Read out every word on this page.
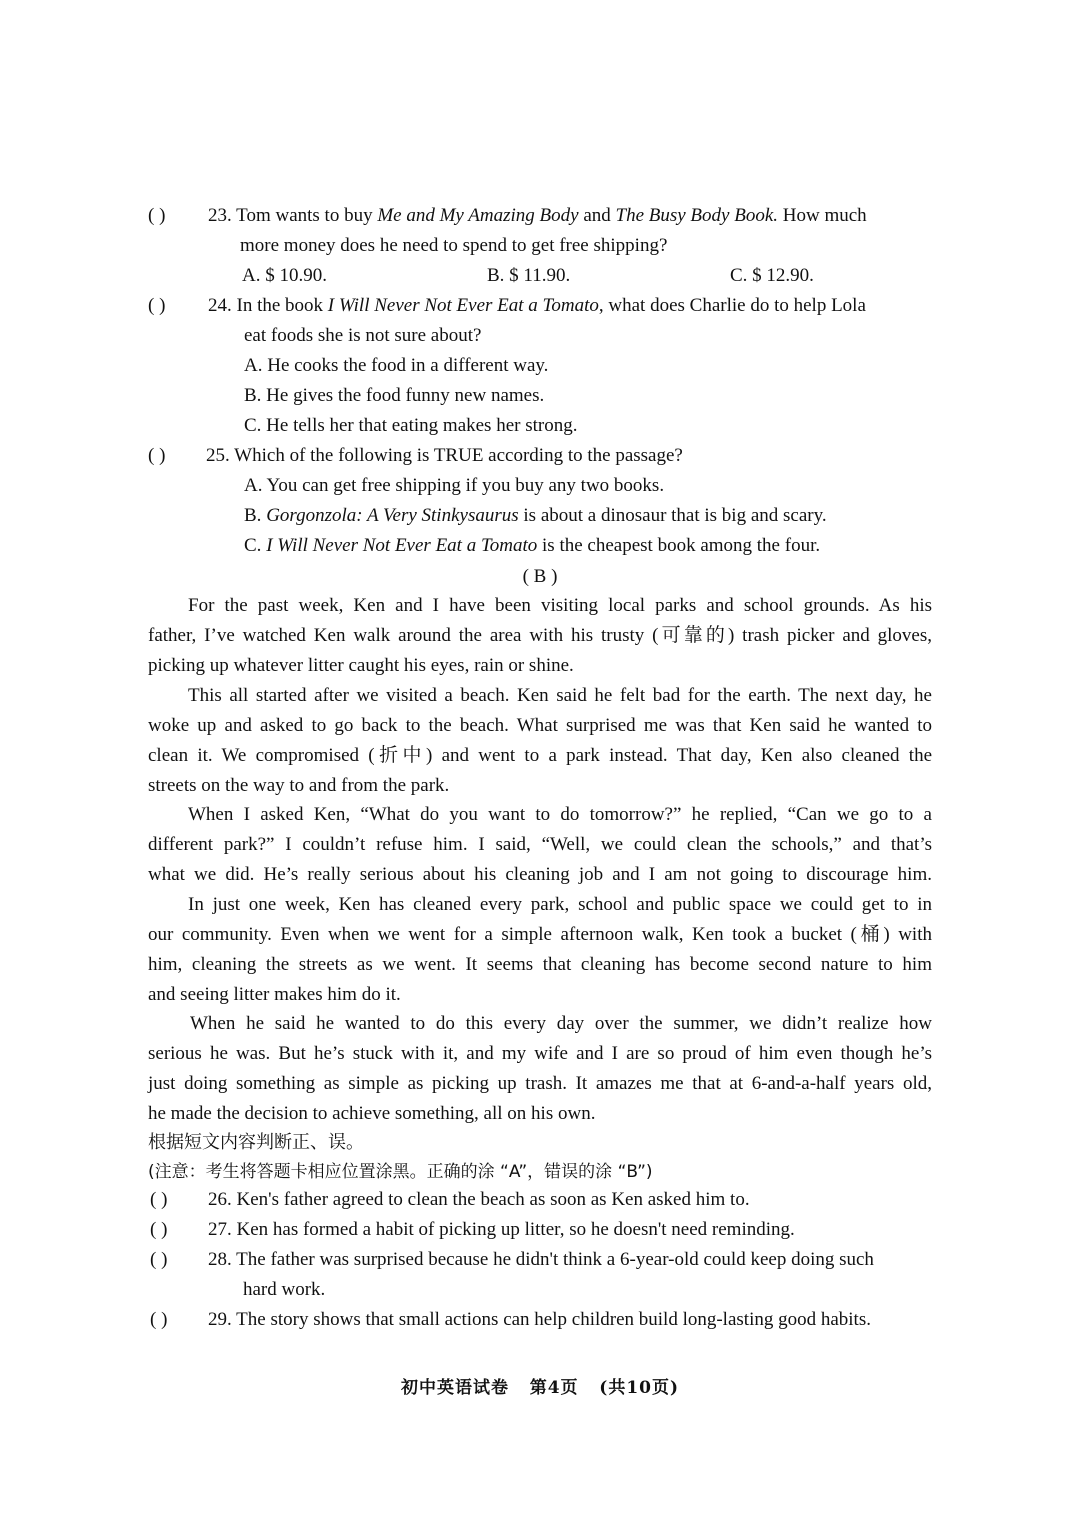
( ) 23. Tom wants to buy Me and My Amazing Body and The Busy Body Book. How much
more money does he need to spend to get free shipping?
A. $ 10.90.	B. $ 11.90.	C. $ 12.90.
( ) 24. In the book I Will Never Not Ever Eat a Tomato, what does Charlie do to help Lola
eat foods she is not sure about?
A. He cooks the food in a different way.
B. He gives the food funny new names.
C. He tells her that eating makes her strong.
( ) 25. Which of the following is TRUE according to the passage?
A. You can get free shipping if you buy any two books.
B. Gorgonzola: A Very Stinkysaurus is about a dinosaur that is big and scary.
C. I Will Never Not Ever Eat a Tomato is the cheapest book among the four.
( B )
For the past week, Ken and I have been visiting local parks and school grounds. As his
father, I’ve watched Ken walk around the area with his trusty (可靠的) trash picker and gloves,
picking up whatever litter caught his eyes, rain or shine.
This all started after we visited a beach. Ken said he felt bad for the earth. The next day, he
woke up and asked to go back to the beach. What surprised me was that Ken said he wanted to
clean it. We compromised (折中) and went to a park instead. That day, Ken also cleaned the
streets on the way to and from the park.
When I asked Ken, “What do you want to do tomorrow?” he replied, “Can we go to a
different park?” I couldn’t refuse him. I said, “Well, we could clean the schools,” and that’s
what we did. He’s really serious about his cleaning job and I am not going to discourage him.
In just one week, Ken has cleaned every park, school and public space we could get to in
our community. Even when we went for a simple afternoon walk, Ken took a bucket (桶) with
him, cleaning the streets as we went. It seems that cleaning has become second nature to him
and seeing litter makes him do it.
When he said he wanted to do this every day over the summer, we didn’t realize how
serious he was. But he’s stuck with it, and my wife and I are so proud of him even though he’s
just doing something as simple as picking up trash. It amazes me that at 6-and-a-half years old,
he made the decision to achieve something, all on his own.
根据短文内容判断正、误。
(注意：考生将答题卡相应位置涂黑。正确的涂 “A”，错误的涂 “B”)
( ) 26. Ken's father agreed to clean the beach as soon as Ken asked him to.
( ) 27. Ken has formed a habit of picking up litter, so he doesn't need reminding.
( ) 28. The father was surprised because he didn't think a 6-year-old could keep doing such
hard work.
( ) 29. The story shows that small actions can help children build long-lasting good habits.
初中英语试卷   第4页   (共10页)
